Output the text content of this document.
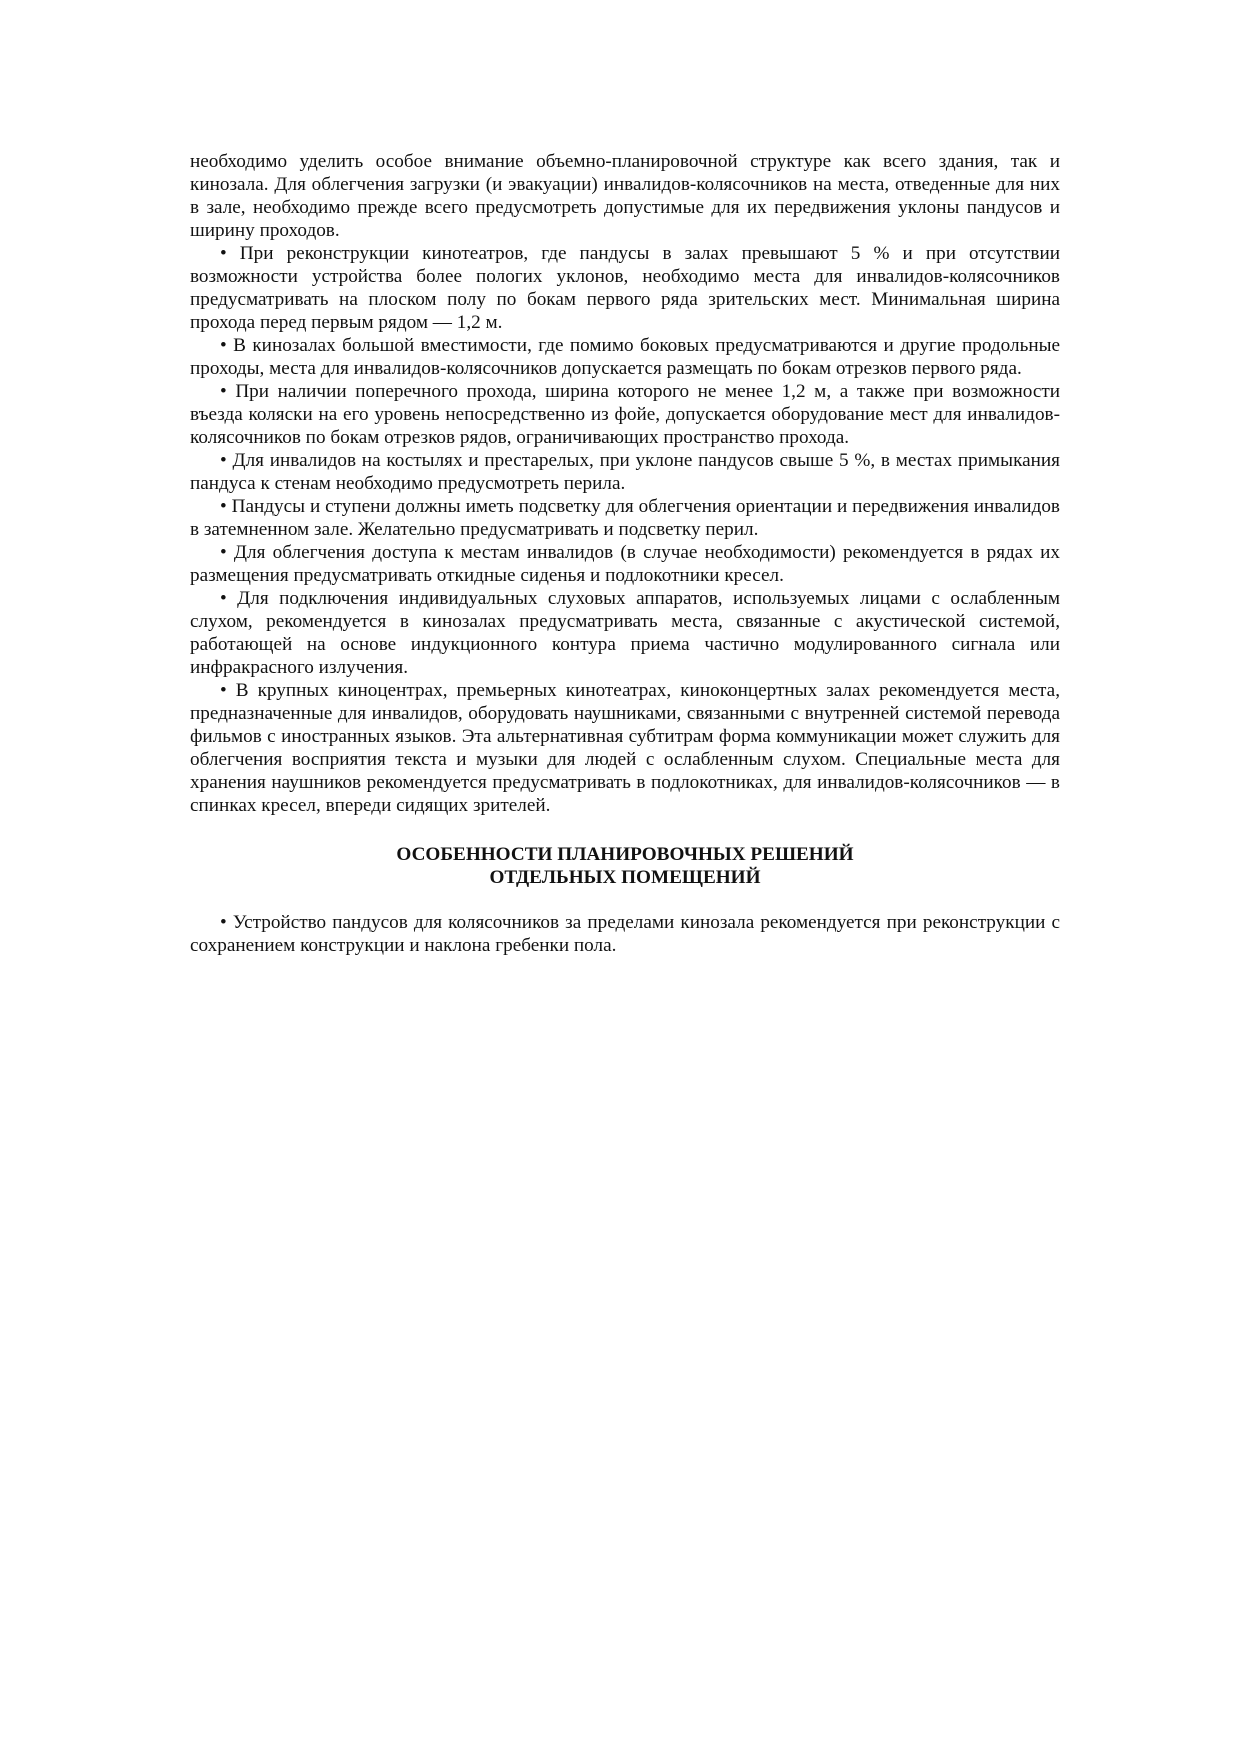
необходимо уделить особое внимание объемно-планировочной структуре как всего здания, так и кинозала. Для облегчения загрузки (и эвакуации) инвалидов-колясочников на места, отведенные для них в зале, необходимо прежде всего предусмотреть допустимые для их передвижения уклоны пандусов и ширину проходов.

• При реконструкции кинотеатров, где пандусы в залах превышают 5 % и при отсутствии возможности устройства более пологих уклонов, необходимо места для инвалидов-колясочников предусматривать на плоском полу по бокам первого ряда зрительских мест. Минимальная ширина прохода перед первым рядом — 1,2 м.

• В кинозалах большой вместимости, где помимо боковых предусматриваются и другие продольные проходы, места для инвалидов-колясочников допускается размещать по бокам отрезков первого ряда.

• При наличии поперечного прохода, ширина которого не менее 1,2 м, а также при возможности въезда коляски на его уровень непосредственно из фойе, допускается оборудование мест для инвалидов-колясочников по бокам отрезков рядов, ограничивающих пространство прохода.

• Для инвалидов на костылях и престарелых, при уклоне пандусов свыше 5 %, в местах примыкания пандуса к стенам необходимо предусмотреть перила.

• Пандусы и ступени должны иметь подсветку для облегчения ориентации и передвижения инвалидов в затемненном зале. Желательно предусматривать и подсветку перил.

• Для облегчения доступа к местам инвалидов (в случае необходимости) рекомендуется в рядах их размещения предусматривать откидные сиденья и подлокотники кресел.

• Для подключения индивидуальных слуховых аппаратов, используемых лицами с ослабленным слухом, рекомендуется в кинозалах предусматривать места, связанные с акустической системой, работающей на основе индукционного контура приема частично модулированного сигнала или инфракрасного излучения.

• В крупных киноцентрах, премьерных кинотеатрах, киноконцертных залах рекомендуется места, предназначенные для инвалидов, оборудовать наушниками, связанными с внутренней системой перевода фильмов с иностранных языков. Эта альтернативная субтитрам форма коммуникации может служить для облегчения восприятия текста и музыки для людей с ослабленным слухом. Специальные места для хранения наушников рекомендуется предусматривать в подлокотниках, для инвалидов-колясочников — в спинках кресел, впереди сидящих зрителей.

ОСОБЕННОСТИ ПЛАНИРОВОЧНЫХ РЕШЕНИЙ
ОТДЕЛЬНЫХ ПОМЕЩЕНИЙ

• Устройство пандусов для колясочников за пределами кинозала рекомендуется при реконструкции с сохранением конструкции и наклона гребенки пола.
